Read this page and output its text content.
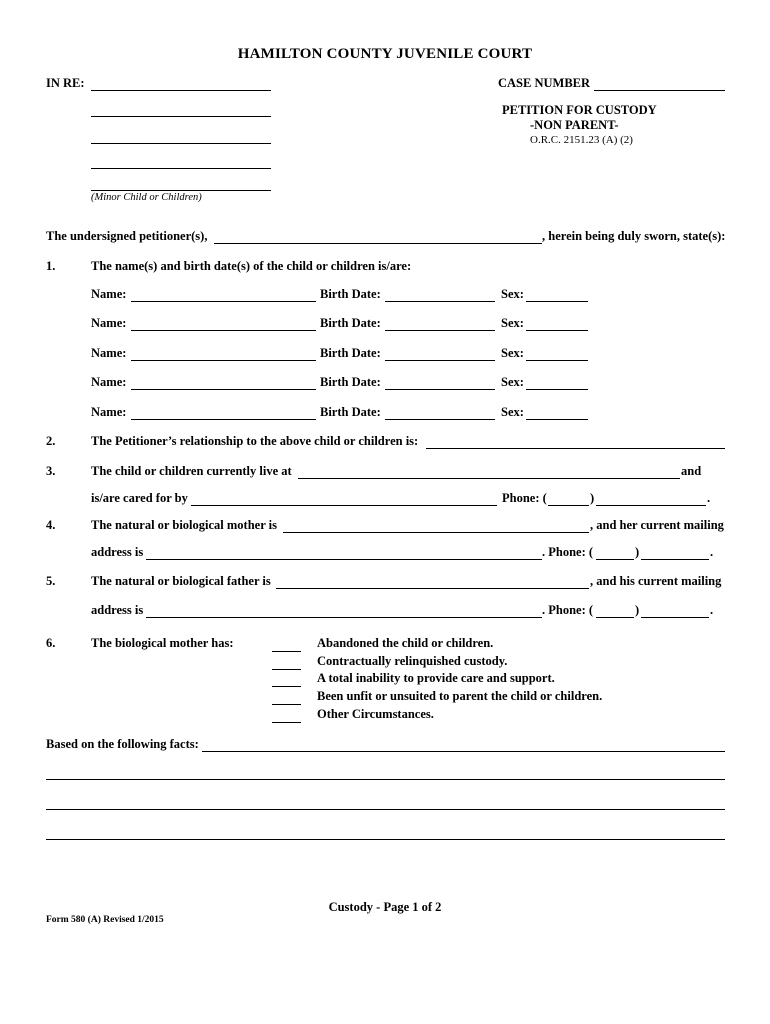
HAMILTON COUNTY JUVENILE COURT
IN RE:
(Minor Child or Children)
CASE NUMBER
PETITION FOR CUSTODY
-NON PARENT-
O.R.C. 2151.23 (A) (2)
The undersigned petitioner(s),	, herein being duly sworn, state(s):
1.	The name(s) and birth date(s) of the child or children is/are:
Name:	Birth Date:	Sex:
Name:	Birth Date:	Sex:
Name:	Birth Date:	Sex:
Name:	Birth Date:	Sex:
Name:	Birth Date:	Sex:
2.	The Petitioner’s relationship to the above child or children is:
3.	The child or children currently live at	and
is/are cared for by	Phone: (	)	.
4.	The natural or biological mother is	, and her current mailing
address is	. Phone: (	)	.
5.	The natural or biological father is	, and his current mailing
address is	. Phone: (	)	.
6.	The biological mother has:	Abandoned the child or children.
Contractually relinquished custody.
A total inability to provide care and support.
Been unfit or unsuited to parent the child or children.
Other Circumstances.
Based on the following facts:
Custody - Page 1 of 2
Form 580 (A) Revised 1/2015
